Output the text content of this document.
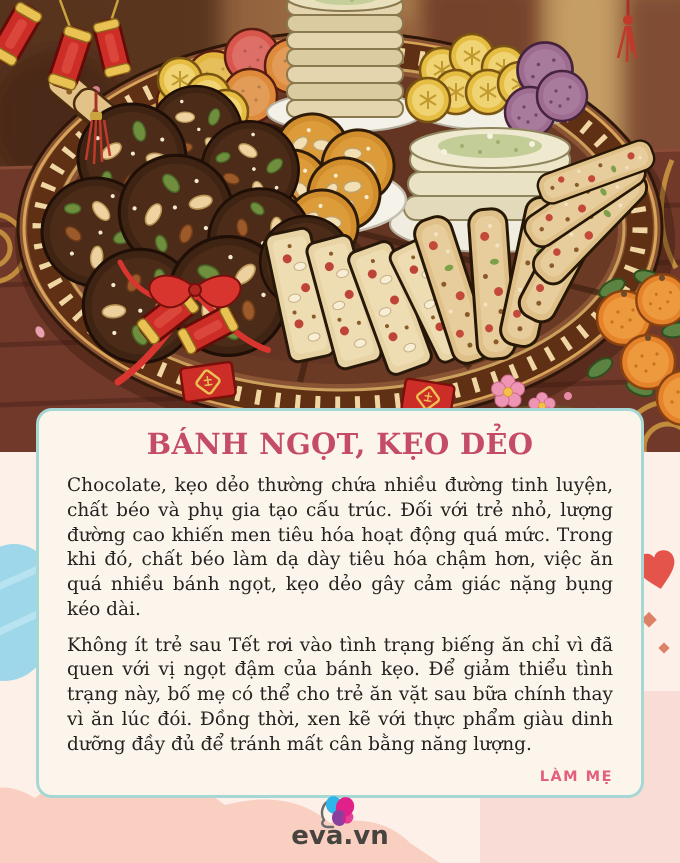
BÁNH NGỌT, KẸO DẺO

Chocolate, kẹo dẻo thường chứa nhiều đường tinh luyện, chất béo và phụ gia tạo cấu trúc. Đối với trẻ nhỏ, lượng đường cao khiến men tiêu hóa hoạt động quá mức. Trong khi đó, chất béo làm dạ dày tiêu hóa chậm hơn, việc ăn quá nhiều bánh ngọt, kẹo dẻo gây cảm giác nặng bụng kéo dài.

Không ít trẻ sau Tết rơi vào tình trạng biếng ăn chỉ vì đã quen với vị ngọt đậm của bánh kẹo. Để giảm thiểu tình trạng này, bố mẹ có thể cho trẻ ăn vặt sau bữa chính thay vì ăn lúc đói. Đồng thời, xen kẽ với thực phẩm giàu dinh dưỡng đầy đủ để tránh mất cân bằng năng lượng.

LÀM MẸ
eva.vn
